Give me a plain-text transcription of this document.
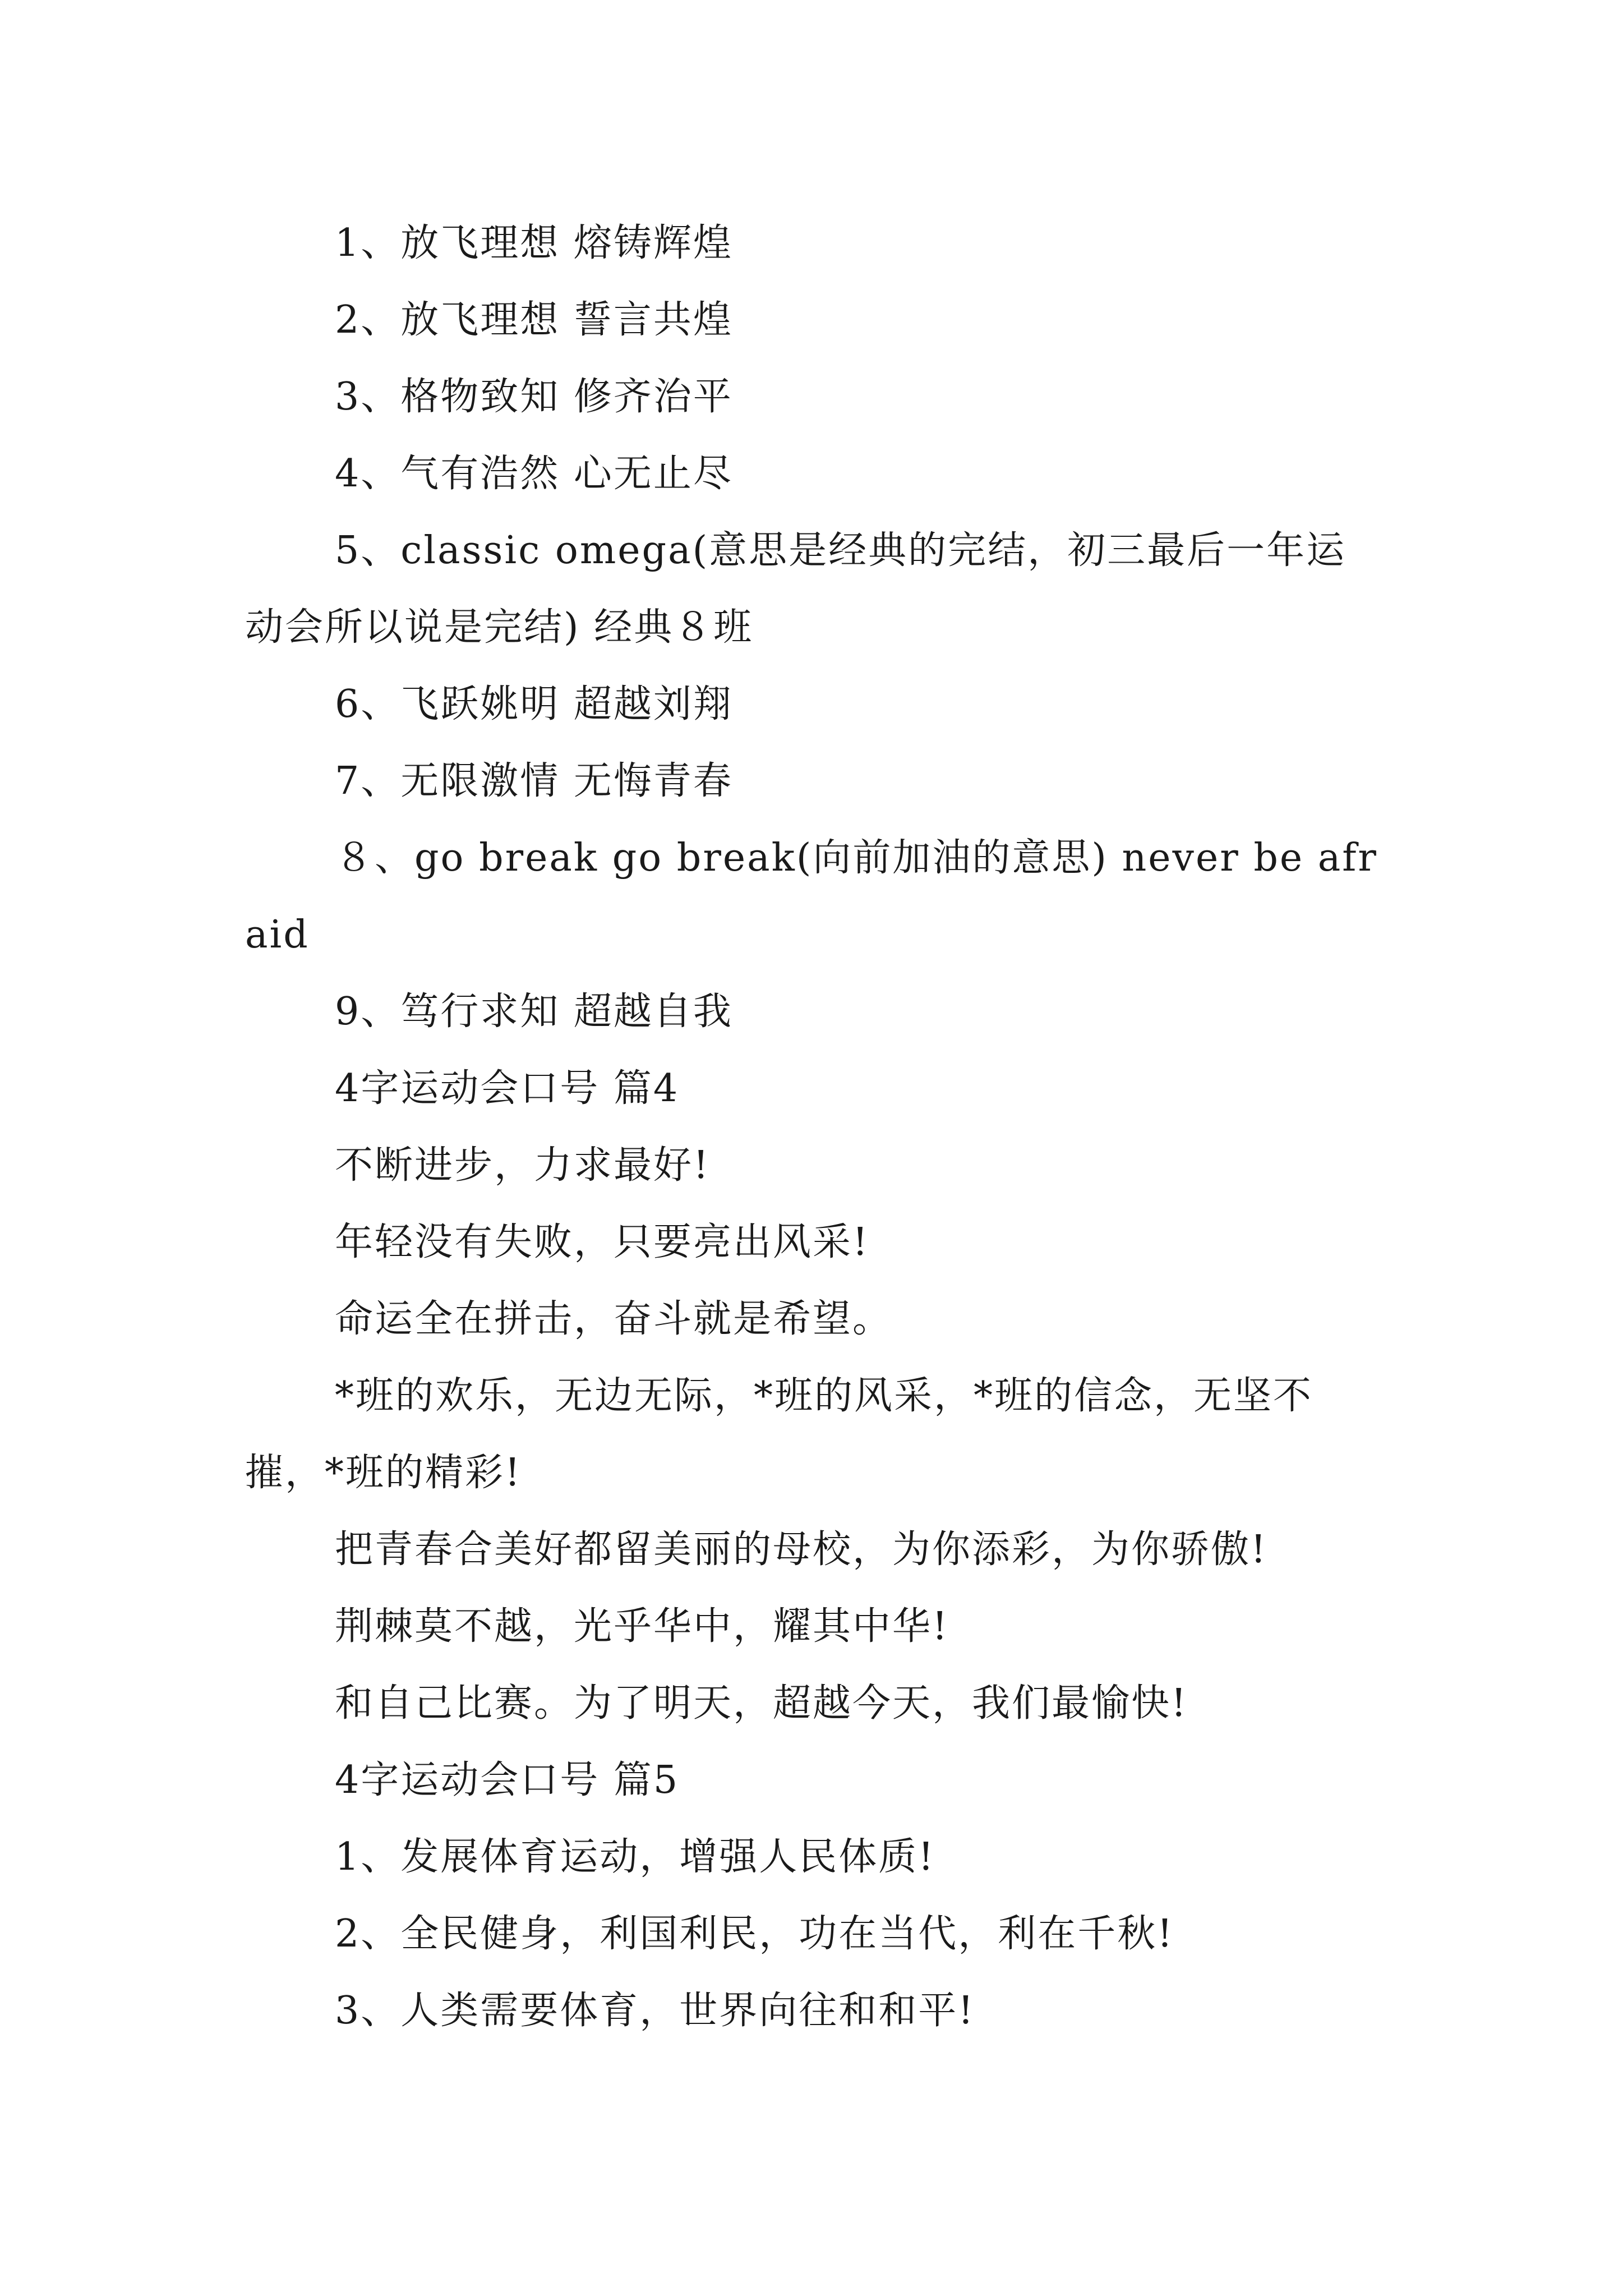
1、放飞理想 熔铸辉煌

2、放飞理想 誓言共煌

3、格物致知 修齐治平

4、气有浩然 心无止尽

5、classic omega(意思是经典的完结，初三最后一年运动会所以说是完结) 经典８班

6、飞跃姚明 超越刘翔

7、无限激情 无悔青春

８、go break go break(向前加油的意思) never be afraid

9、笃行求知 超越自我

4字运动会口号 篇4

不断进步，力求最好!

年轻没有失败，只要亮出风采!

命运全在拼击，奋斗就是希望。

*班的欢乐，无边无际，*班的风采，*班的信念，无坚不摧，*班的精彩!

把青春合美好都留美丽的母校，为你添彩，为你骄傲!

荆棘莫不越，光乎华中，耀其中华!

和自己比赛。为了明天，超越今天，我们最愉快!

4字运动会口号 篇5

1、发展体育运动，增强人民体质!

2、全民健身，利国利民，功在当代，利在千秋!

3、人类需要体育，世界向往和和平!
